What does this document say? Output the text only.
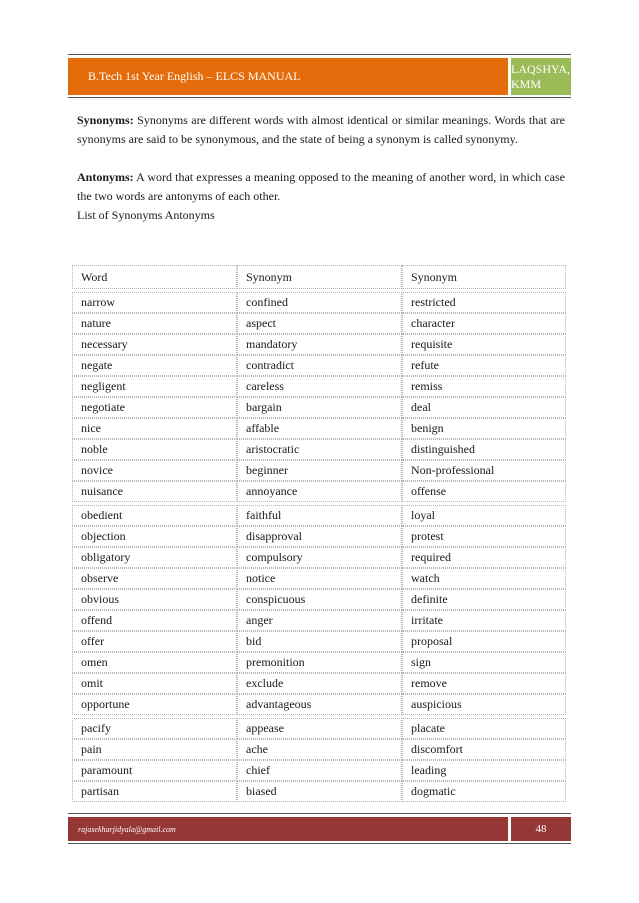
B.Tech 1st Year English – ELCS MANUAL
LAQSHYA, KMM

Synonyms: Synonyms are different words with almost identical or similar meanings. Words that are synonyms are said to be synonymous, and the state of being a synonym is called synonymy.

Antonyms: A word that expresses a meaning opposed to the meaning of another word, in which case the two words are antonyms of each other.

List of Synonyms Antonyms

Word	Synonym	Synonym

narrow	confined	restricted
nature	aspect	character
necessary	mandatory	requisite
negate	contradict	refute
negligent	careless	remiss
negotiate	bargain	deal
nice	affable	benign
noble	aristocratic	distinguished
novice	beginner	Non-professional
nuisance	annoyance	offense

obedient	faithful	loyal
objection	disapproval	protest
obligatory	compulsory	required
observe	notice	watch
obvious	conspicuous	definite
offend	anger	irritate
offer	bid	proposal
omen	premonition	sign
omit	exclude	remove
opportune	advantageous	auspicious

pacify	appease	placate
pain	ache	discomfort
paramount	chief	leading
partisan	biased	dogmatic
rajasekharjidyala@gmail.com	48
